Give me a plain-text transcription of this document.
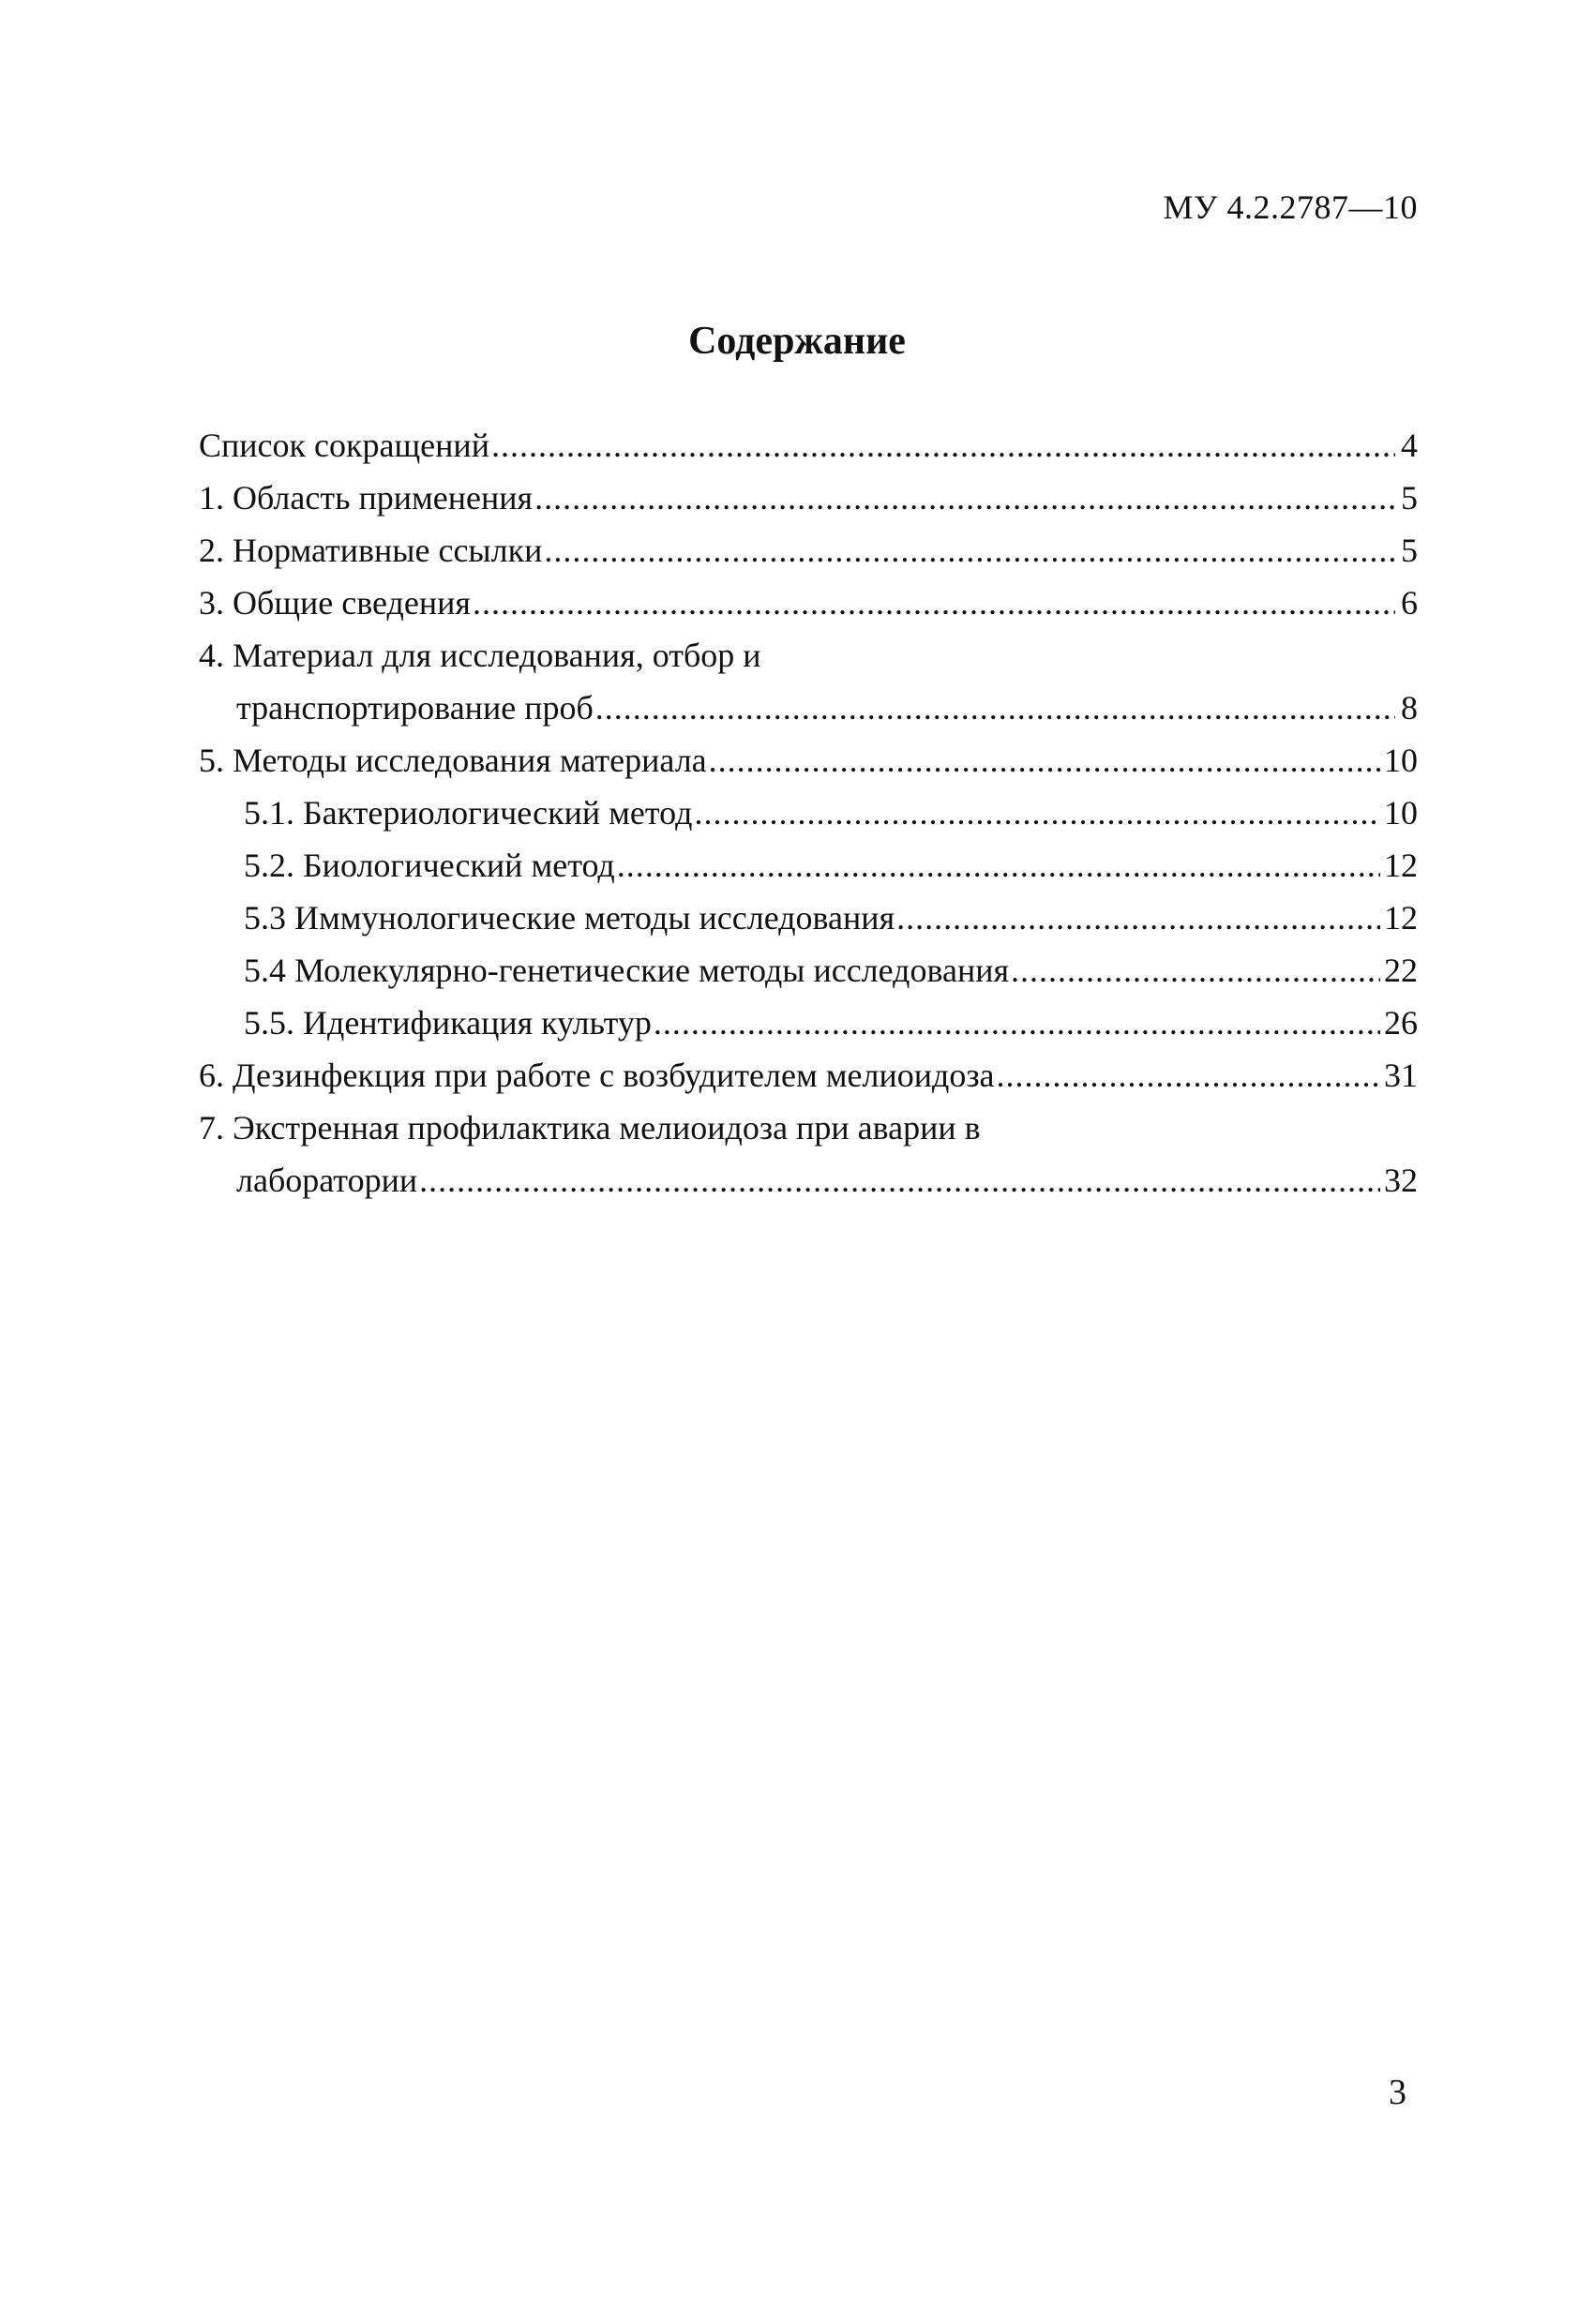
МУ 4.2.2787—10
Содержание
Список сокращений .....	4
1. Область применения .....	5
2. Нормативные ссылки .....	5
3. Общие сведения .....	6
4. Материал для исследования, отбор и
транспортирование проб .....	8
5. Методы исследования материала .....	10
5.1. Бактериологический метод .....	10
5.2. Биологический метод .....	12
5.3 Иммунологические методы исследования .....	12
5.4 Молекулярно-генетические методы исследования .....	22
5.5. Идентификация культур .....	26
6. Дезинфекция при работе с возбудителем мелиоидоза .....	31
7. Экстренная профилактика мелиоидоза при аварии в
лаборатории .....	32
3
